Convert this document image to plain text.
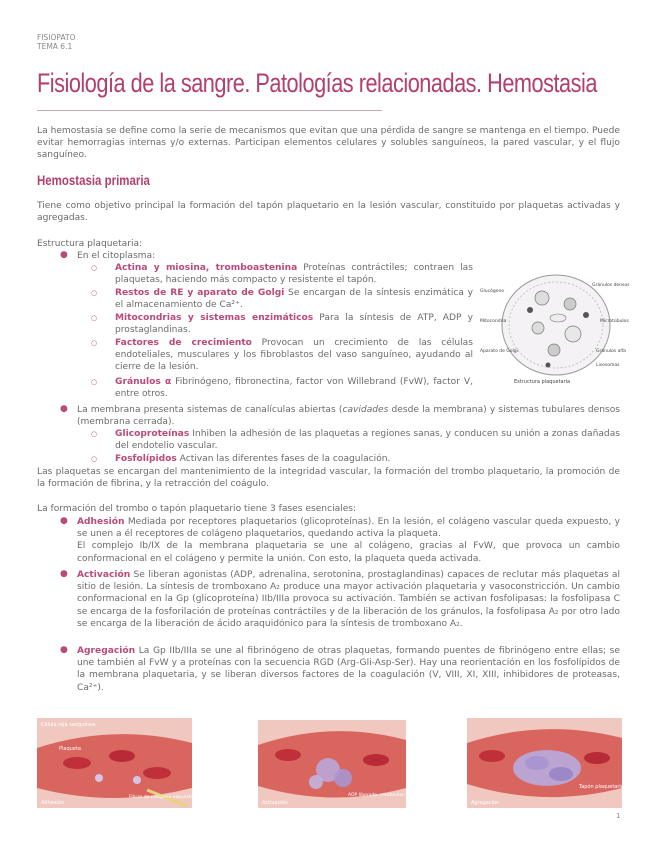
FISIOPATO
TEMA 6.1
Fisiología de la sangre. Patologías relacionadas. Hemostasia
La hemostasia se define como la serie de mecanismos que evitan que una pérdida de sangre se mantenga en el tiempo. Puede evitar hemorragias internas y/o externas. Participan elementos celulares y solubles sanguíneos, la pared vascular, y el flujo sanguíneo.
Hemostasia primaria
Tiene como objetivo principal la formación del tapón plaquetario en la lesión vascular, constituido por plaquetas activadas y agregadas.
Estructura plaquetaria:
● En el citoplasma:
○ Actina y miosina, tromboastenina Proteínas contráctiles; contraen las plaquetas, haciendo más compacto y resistente el tapón.
○ Restos de RE y aparato de Golgi Se encargan de la síntesis enzimática y el almacenamiento de Ca²⁺.
○ Mitocondrias y sistemas enzimáticos Para la síntesis de ATP, ADP y prostaglandinas.
○ Factores de crecimiento Provocan un crecimiento de las células endoteliales, musculares y los fibroblastos del vaso sanguíneo, ayudando al cierre de la lesión.
○ Gránulos α Fibrinógeno, fibronectina, factor von Willebrand (FvW), factor V, entre otros.
Glucógeno
Mitocondria
Aparato de Golgi
Gránulos densos
Microtúbulos
Gránulos alfa
Lisosomas
Estructura plaquetaria
● La membrana presenta sistemas de canalículas abiertas (cavidades desde la membrana) y sistemas tubulares densos (membrana cerrada).
○ Glicoproteínas Inhiben la adhesión de las plaquetas a regiones sanas, y conducen su unión a zonas dañadas del endotelio vascular.
○ Fosfolípidos Activan las diferentes fases de la coagulación.
Las plaquetas se encargan del mantenimiento de la integridad vascular, la formación del trombo plaquetario, la promoción de la formación de fibrina, y la retracción del coágulo.
La formación del trombo o tapón plaquetario tiene 3 fases esenciales:
● Adhesión Mediada por receptores plaquetarios (glicoproteínas). En la lesión, el colágeno vascular queda expuesto, y se unen a él receptores de colágeno plaquetarios, quedando activa la plaqueta.
El complejo Ib/IX de la membrana plaquetaria se une al colágeno, gracias al FvW, que provoca un cambio conformacional en el colágeno y permite la unión. Con esto, la plaqueta queda activada.
● Activación Se liberan agonistas (ADP, adrenalina, serotonina, prostaglandinas) capaces de reclutar más plaquetas al sitio de lesión. La síntesis de tromboxano A₂ produce una mayor activación plaquetaria y vasoconstricción. Un cambio conformacional en la Gp (glicoproteína) IIb/IIIa provoca su activación. También se activan fosfolipasas: la fosfolipasa C se encarga de la fosforilación de proteínas contráctiles y de la liberación de los gránulos, la fosfolipasa A₂ por otro lado se encarga de la liberación de ácido araquidónico para la síntesis de tromboxano A₂.
● Agregación La Gp IIb/IIIa se une al fibrinógeno de otras plaquetas, formando puentes de fibrinógeno entre ellas; se une también al FvW y a proteínas con la secuencia RGD (Arg-Gli-Asp-Ser). Hay una reorientación en los fosfolípidos de la membrana plaquetaria, y se liberan diversos factores de la coagulación (V, VIII, XI, XIII, inhibidores de proteasas, Ca²⁺).
Célula roja sanguínea
Plaqueta
Fibras de colágeno expuestas
Adhesión
ADP liberado, serotonina y tromboxano A2
Activación
Tapón plaquetario
Agregación
1
